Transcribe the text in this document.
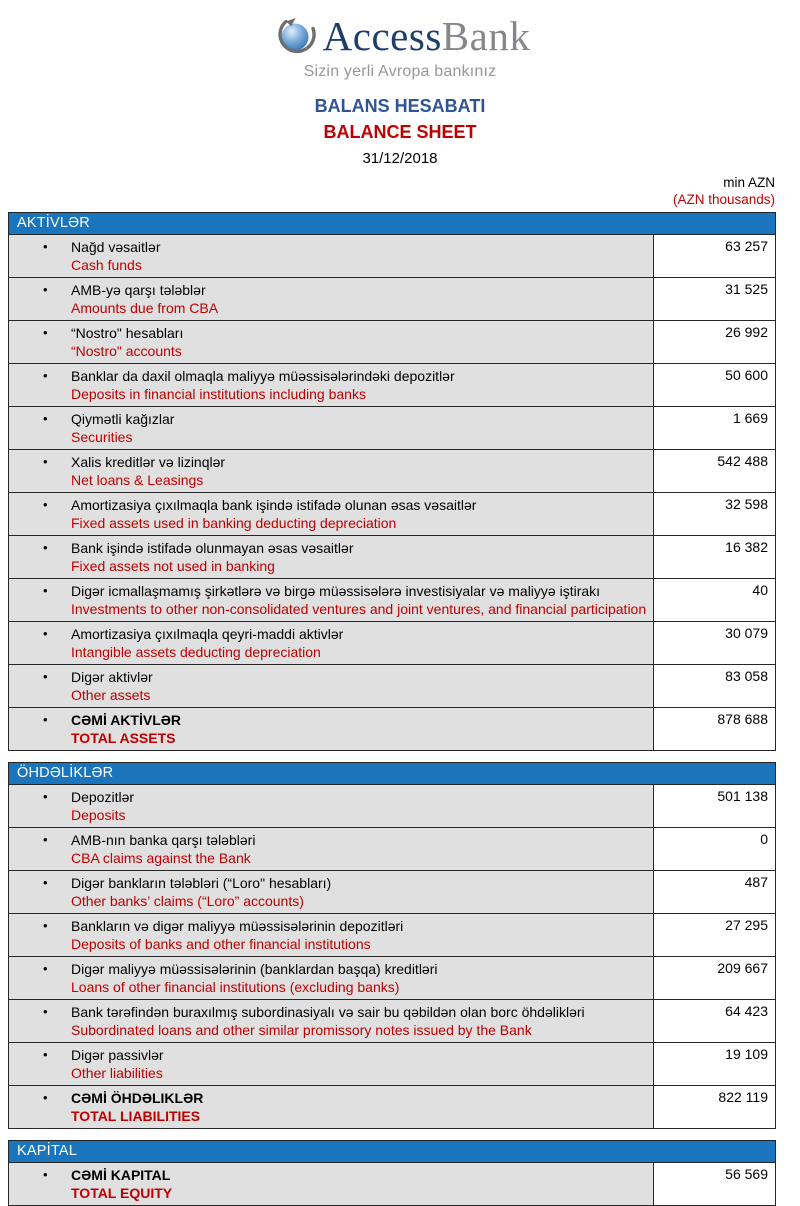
AccessBank
Sizin yerli Avropa bankınız
BALANS HESABATI
BALANCE SHEET
31/12/2018
min AZN
(AZN thousands)
AKTİVLƏR
•	Nağd vəsaitlər
Cash funds
63 257
•	AMB-yə qarşı tələblər
Amounts due from CBA
31 525
•	“Nostro" hesabları
“Nostro" accounts
26 992
•	Banklar da daxil olmaqla maliyyə müəssisələrindəki depozitlər
Deposits in financial institutions including banks
50 600
•	Qiymətli kağızlar
Securities
1 669
•	Xalis kreditlər və lizinqlər
Net loans & Leasings
542 488
•	Amortizasiya çıxılmaqla bank işində istifadə olunan əsas vəsaitlər
Fixed assets used in banking deducting depreciation
32 598
•	Bank işində istifadə olunmayan əsas vəsaitlər
Fixed assets not used in banking
16 382
•	Digər icmallaşmamış şirkətlərə və birgə müəssisələrə investisiyalar və maliyyə iştirakı
Investments to other non-consolidated ventures and joint ventures, and financial participation
40
•	Amortizasiya çıxılmaqla qeyri-maddi aktivlər
Intangible assets deducting depreciation
30 079
•	Digər aktivlər
Other assets
83 058
•	CƏMİ AKTİVLƏR
TOTAL ASSETS
878 688
ÖHDƏLİKLƏR
•	Depozitlər
Deposits
501 138
•	AMB-nın banka qarşı tələbləri
CBA claims against the Bank
0
•	Digər bankların tələbləri (“Loro" hesabları)
Other banks’ claims (“Loro” accounts)
487
•	Bankların və digər maliyyə müəssisələrinin depozitləri
Deposits of banks and other financial institutions
27 295
•	Digər maliyyə müəssisələrinin (banklardan başqa) kreditləri
Loans of other financial institutions (excluding banks)
209 667
•	Bank tərəfindən buraxılmış subordinasiyalı və sair bu qəbildən olan borc öhdəlikləri
Subordinated loans and other similar promissory notes issued by the Bank
64 423
•	Digər passivlər
Other liabilities
19 109
•	CƏMİ ÖHDƏLIKLƏR
TOTAL LIABILITIES
822 119
KAPİTAL
•	CƏMİ KAPITAL
TOTAL EQUITY
56 569
